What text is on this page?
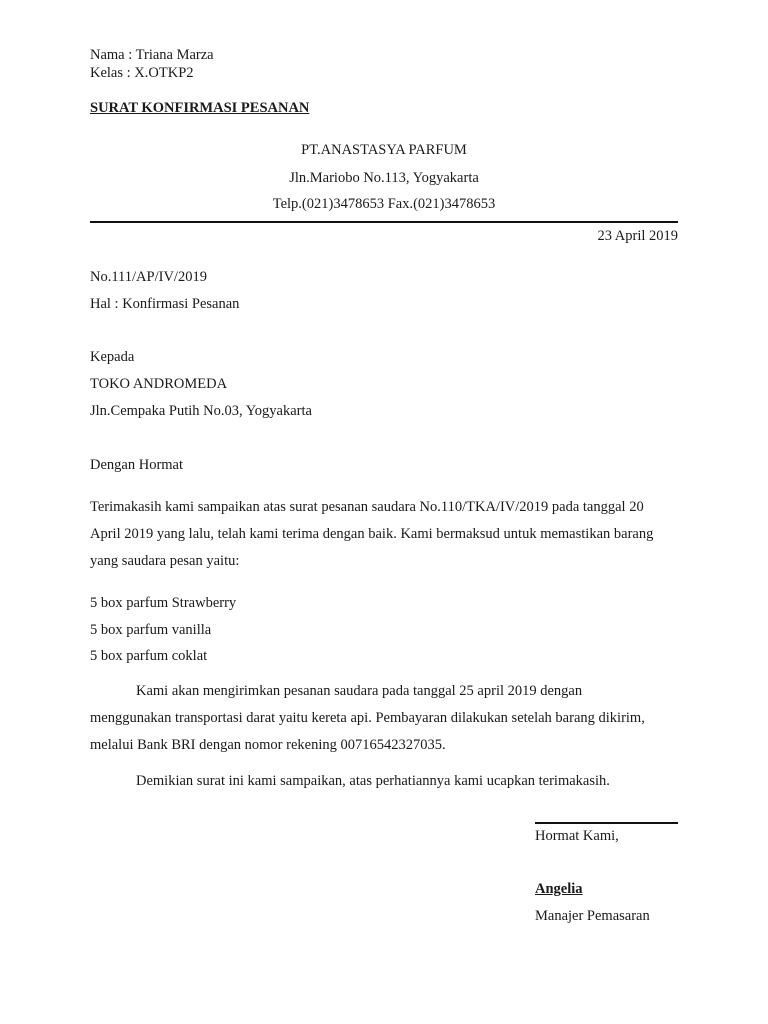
Nama : Triana Marza
Kelas : X.OTKP2
SURAT KONFIRMASI PESANAN
PT.ANASTASYA PARFUM
Jln.Mariobo No.113, Yogyakarta
Telp.(021)3478653 Fax.(021)3478653
23 April 2019
No.111/AP/IV/2019
Hal : Konfirmasi Pesanan
Kepada
TOKO ANDROMEDA
Jln.Cempaka Putih No.03, Yogyakarta
Dengan Hormat
Terimakasih kami sampaikan atas surat pesanan saudara No.110/TKA/IV/2019 pada tanggal 20
April 2019 yang lalu, telah kami terima dengan baik. Kami bermaksud untuk memastikan barang
yang saudara pesan yaitu:
5 box parfum Strawberry
5 box parfum vanilla
5 box parfum coklat
Kami akan mengirimkan pesanan saudara pada tanggal 25 april 2019 dengan
menggunakan transportasi darat yaitu kereta api. Pembayaran dilakukan setelah barang dikirim,
melalui Bank BRI dengan nomor rekening 00716542327035.
Demikian surat ini kami sampaikan, atas perhatiannya kami ucapkan terimakasih.
Hormat Kami,
Angelia
Manajer Pemasaran
